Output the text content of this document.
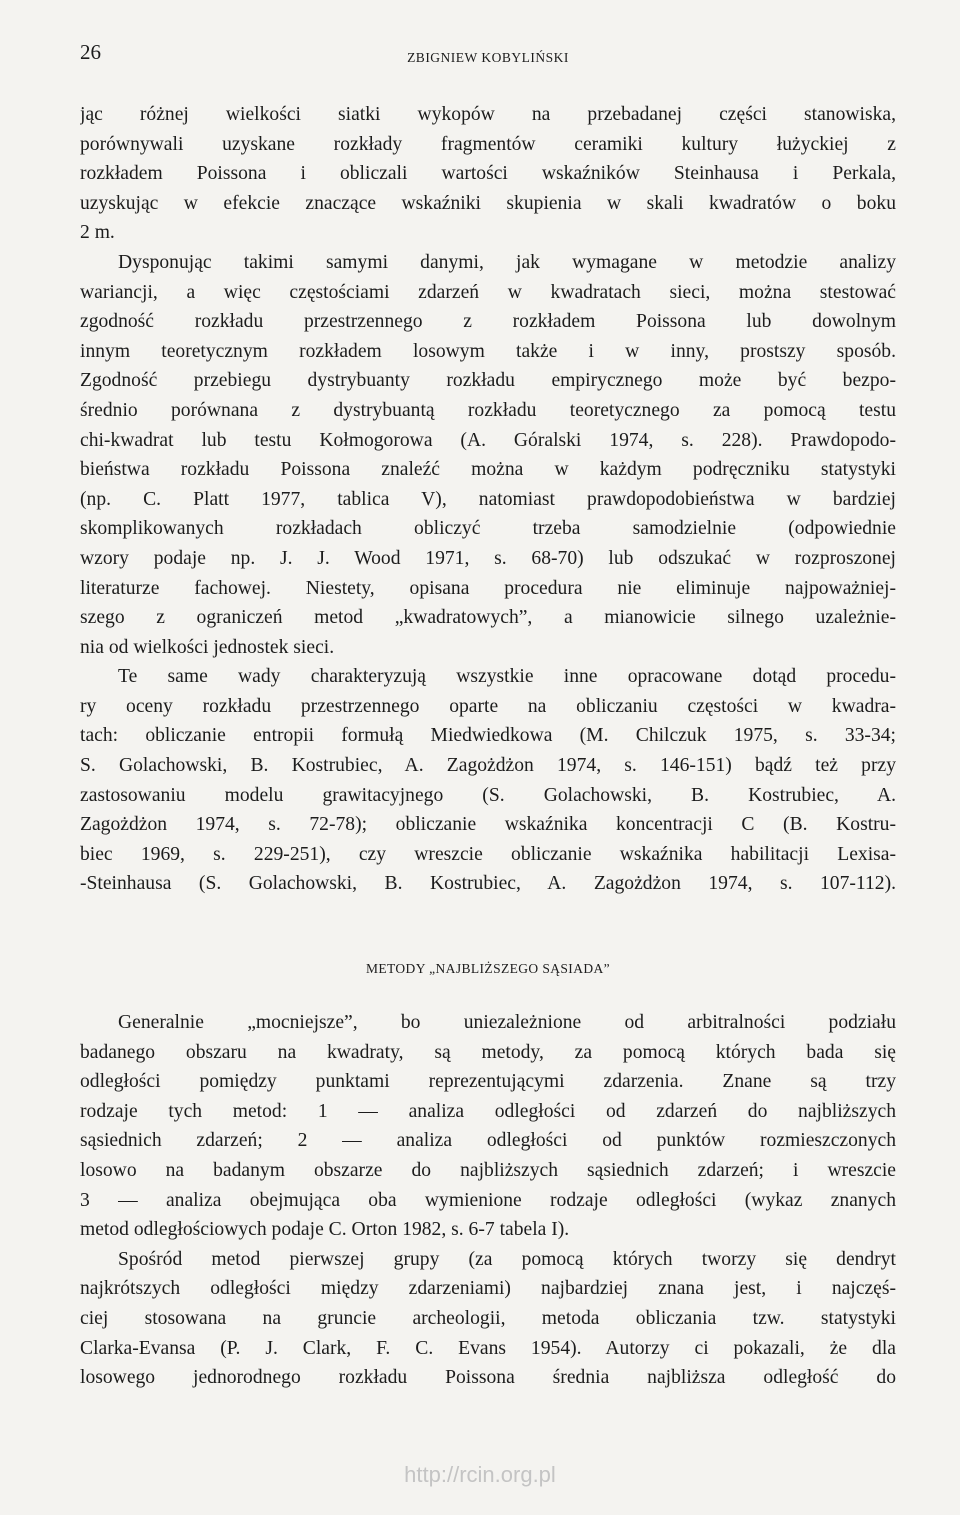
26	ZBIGNIEW KOBYLIŃSKI
jąc różnej wielkości siatki wykopów na przebadanej części stanowiska,
porównywali uzyskane rozkłady fragmentów ceramiki kultury łużyckiej z
rozkładem Poissona i obliczali wartości wskaźników Steinhausa i Perkala,
uzyskując w efekcie znaczące wskaźniki skupienia w skali kwadratów o boku
2 m.
Dysponując takimi samymi danymi, jak wymagane w metodzie analizy
wariancji, a więc częstościami zdarzeń w kwadratach sieci, można stestować
zgodność rozkładu przestrzennego z rozkładem Poissona lub dowolnym
innym teoretycznym rozkładem losowym także i w inny, prostszy sposób.
Zgodność przebiegu dystrybuanty rozkładu empirycznego może być bezpo-
średnio porównana z dystrybuantą rozkładu teoretycznego za pomocą testu
chi-kwadrat lub testu Kołmogorowa (A. Góralski 1974, s. 228). Prawdopodo-
bieństwa rozkładu Poissona znaleźć można w każdym podręczniku statystyki
(np. C. Platt 1977, tablica V), natomiast prawdopodobieństwa w bardziej
skomplikowanych rozkładach obliczyć trzeba samodzielnie (odpowiednie
wzory podaje np. J. J. Wood 1971, s. 68-70) lub odszukać w rozproszonej
literaturze fachowej. Niestety, opisana procedura nie eliminuje najpoważniej-
szego z ograniczeń metod „kwadratowych”, a mianowicie silnego uzależnie-
nia od wielkości jednostek sieci.
Te same wady charakteryzują wszystkie inne opracowane dotąd procedu-
ry oceny rozkładu przestrzennego oparte na obliczaniu częstości w kwadra-
tach: obliczanie entropii formułą Miedwiedkowa (M. Chilczuk 1975, s. 33-34;
S. Golachowski, B. Kostrubiec, A. Zagożdżon 1974, s. 146-151) bądź też przy
zastosowaniu modelu grawitacyjnego (S. Golachowski, B. Kostrubiec, A.
Zagożdżon 1974, s. 72-78); obliczanie wskaźnika koncentracji C (B. Kostru-
biec 1969, s. 229-251), czy wreszcie obliczanie wskaźnika habilitacji Lexisa-
-Steinhausa (S. Golachowski, B. Kostrubiec, A. Zagożdżon 1974, s. 107-112).
METODY „NAJBLIŻSZEGO SĄSIADA”
Generalnie „mocniejsze”, bo uniezależnione od arbitralności podziału
badanego obszaru na kwadraty, są metody, za pomocą których bada się
odległości pomiędzy punktami reprezentującymi zdarzenia. Znane są trzy
rodzaje tych metod: 1 — analiza odległości od zdarzeń do najbliższych
sąsiednich zdarzeń; 2 — analiza odległości od punktów rozmieszczonych
losowo na badanym obszarze do najbliższych sąsiednich zdarzeń; i wreszcie
3 — analiza obejmująca oba wymienione rodzaje odległości (wykaz znanych
metod odległościowych podaje C. Orton 1982, s. 6-7 tabela I).
Spośród metod pierwszej grupy (za pomocą których tworzy się dendryt
najkrótszych odległości między zdarzeniami) najbardziej znana jest, i najczęś-
ciej stosowana na gruncie archeologii, metoda obliczania tzw. statystyki
Clarka-Evansa (P. J. Clark, F. C. Evans 1954). Autorzy ci pokazali, że dla
losowego jednorodnego rozkładu Poissona średnia najbliższa odległość do
http://rcin.org.pl
